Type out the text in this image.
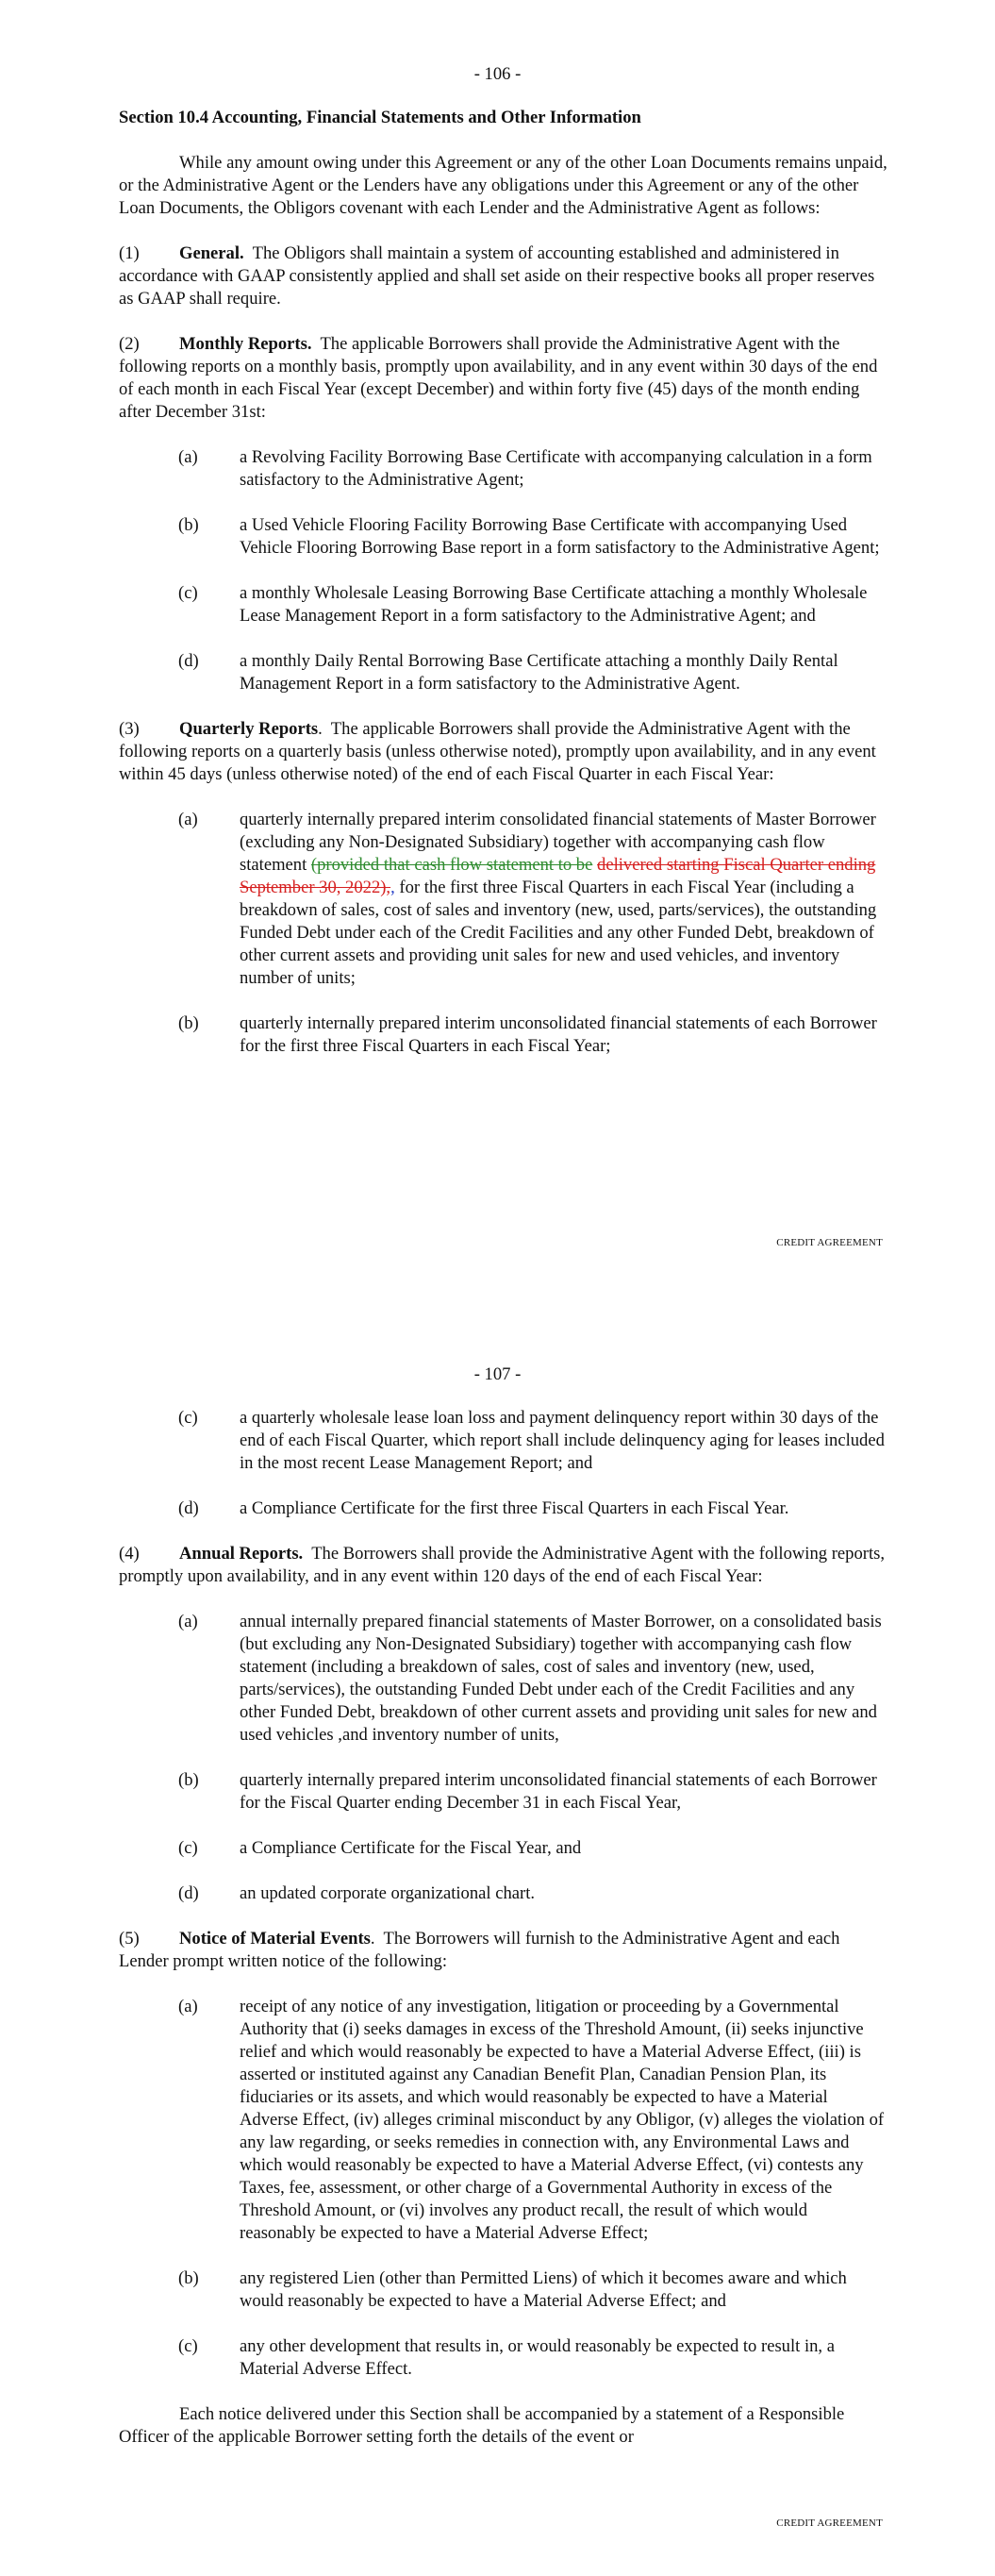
- 106 -

Section 10.4 Accounting, Financial Statements and Other Information

While any amount owing under this Agreement or any of the other Loan Documents remains unpaid, or the Administrative Agent or the Lenders have any obligations under this Agreement or any of the other Loan Documents, the Obligors covenant with each Lender and the Administrative Agent as follows:

(1) General. The Obligors shall maintain a system of accounting established and administered in accordance with GAAP consistently applied and shall set aside on their respective books all proper reserves as GAAP shall require.

(2) Monthly Reports. The applicable Borrowers shall provide the Administrative Agent with the following reports on a monthly basis, promptly upon availability, and in any event within 30 days of the end of each month in each Fiscal Year (except December) and within forty five (45) days of the month ending after December 31st:

(a) a Revolving Facility Borrowing Base Certificate with accompanying calculation in a form satisfactory to the Administrative Agent;
(b) a Used Vehicle Flooring Facility Borrowing Base Certificate with accompanying Used Vehicle Flooring Borrowing Base report in a form satisfactory to the Administrative Agent;
(c) a monthly Wholesale Leasing Borrowing Base Certificate attaching a monthly Wholesale Lease Management Report in a form satisfactory to the Administrative Agent; and
(d) a monthly Daily Rental Borrowing Base Certificate attaching a monthly Daily Rental Management Report in a form satisfactory to the Administrative Agent.

(3) Quarterly Reports. The applicable Borrowers shall provide the Administrative Agent with the following reports on a quarterly basis (unless otherwise noted), promptly upon availability, and in any event within 45 days (unless otherwise noted) of the end of each Fiscal Quarter in each Fiscal Year:

(a) quarterly internally prepared interim consolidated financial statements of Master Borrower (excluding any Non-Designated Subsidiary) together with accompanying cash flow statement (provided that cash flow statement to be delivered starting Fiscal Quarter ending September 30, 2022),, for the first three Fiscal Quarters in each Fiscal Year (including a breakdown of sales, cost of sales and inventory (new, used, parts/services), the outstanding Funded Debt under each of the Credit Facilities and any other Funded Debt, breakdown of other current assets and providing unit sales for new and used vehicles, and inventory number of units;
(b) quarterly internally prepared interim unconsolidated financial statements of each Borrower for the first three Fiscal Quarters in each Fiscal Year;
CREDIT AGREEMENT
- 107 -
(c) a quarterly wholesale lease loan loss and payment delinquency report within 30 days of the end of each Fiscal Quarter, which report shall include delinquency aging for leases included in the most recent Lease Management Report; and
(d) a Compliance Certificate for the first three Fiscal Quarters in each Fiscal Year.

(4) Annual Reports. The Borrowers shall provide the Administrative Agent with the following reports, promptly upon availability, and in any event within 120 days of the end of each Fiscal Year:

(a) annual internally prepared financial statements of Master Borrower, on a consolidated basis (but excluding any Non-Designated Subsidiary) together with accompanying cash flow statement (including a breakdown of sales, cost of sales and inventory (new, used, parts/services), the outstanding Funded Debt under each of the Credit Facilities and any other Funded Debt, breakdown of other current assets and providing unit sales for new and used vehicles ,and inventory number of units,
(b) quarterly internally prepared interim unconsolidated financial statements of each Borrower for the Fiscal Quarter ending December 31 in each Fiscal Year,
(c) a Compliance Certificate for the Fiscal Year, and
(d) an updated corporate organizational chart.

(5) Notice of Material Events. The Borrowers will furnish to the Administrative Agent and each Lender prompt written notice of the following:

(a) receipt of any notice of any investigation, litigation or proceeding by a Governmental Authority that (i) seeks damages in excess of the Threshold Amount, (ii) seeks injunctive relief and which would reasonably be expected to have a Material Adverse Effect, (iii) is asserted or instituted against any Canadian Benefit Plan, Canadian Pension Plan, its fiduciaries or its assets, and which would reasonably be expected to have a Material Adverse Effect, (iv) alleges criminal misconduct by any Obligor, (v) alleges the violation of any law regarding, or seeks remedies in connection with, any Environmental Laws and which would reasonably be expected to have a Material Adverse Effect, (vi) contests any Taxes, fee, assessment, or other charge of a Governmental Authority in excess of the Threshold Amount, or (vi) involves any product recall, the result of which would reasonably be expected to have a Material Adverse Effect;
(b) any registered Lien (other than Permitted Liens) of which it becomes aware and which would reasonably be expected to have a Material Adverse Effect; and
(c) any other development that results in, or would reasonably be expected to result in, a Material Adverse Effect.

Each notice delivered under this Section shall be accompanied by a statement of a Responsible Officer of the applicable Borrower setting forth the details of the event or

CREDIT AGREEMENT
